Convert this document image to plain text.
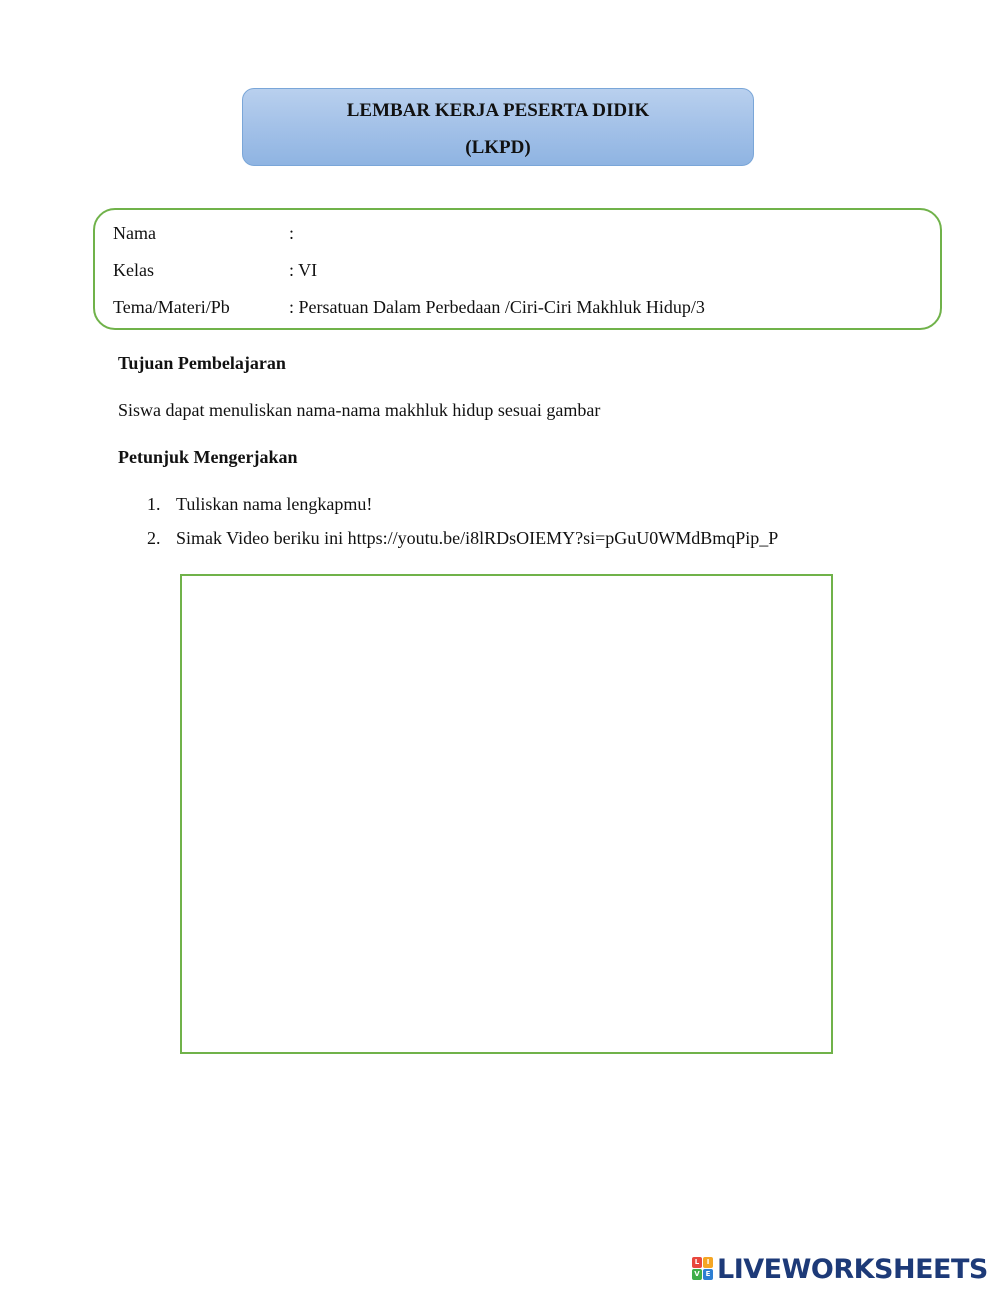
LEMBAR KERJA PESERTA DIDIK
(LKPD)
Nama	:
Kelas	: VI
Tema/Materi/Pb	: Persatuan Dalam Perbedaan /Ciri-Ciri Makhluk Hidup/3
Tujuan Pembelajaran
Siswa dapat menuliskan nama-nama makhluk hidup sesuai gambar
Petunjuk Mengerjakan
1. Tuliskan nama lengkapmu!
2. Simak Video beriku ini https://youtu.be/i8lRDsOIEMY?si=pGuU0WMdBmqPip_P
L	I
V E LIVEWORKSHEETS
